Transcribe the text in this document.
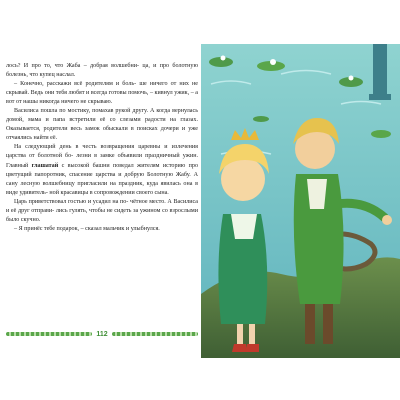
лось? И про то, что Жаба – добрая волшебни- ца, и про болотную болезнь, что купец наслал.

– Конечно, расскажи всё родителям и боль- ше ничего от них не скрывай. Ведь они тебя любят и всегда готовы помочь, – кивнул ужик, – а вот от нашы никогда ничего не скрываю.

Василиса пошла по мостику, помахав рукой другу. А когда вернулась домой, мама и папа встретили её со слезами радости на глазах. Оказывается, родители весь замок обыскали в поисках дочери и уже отчаялись найти её.

На следующий день в честь возвращения царевны и излечения царства от болотной бо- лезни в замке объявили праздничный ужин. Главный глашатай с высокой башни поведал жителям историю про цветущий папоротник, спасение царства и добрую Болотную Жабу. А сану лесную волшебницу пригласили на праздник, куда явилась она в виде удивитель- ной красавицы в сопровождении своего сына.

Царь приветствовал гостью и усадил на по- чётное место. А Василиса и её друг отправи- лись гулять, чтобы не сидеть за ужином со взрослыми было скучно.

– Я принёс тебе подарок, – сказал мальчик и улыбнулся.

112
